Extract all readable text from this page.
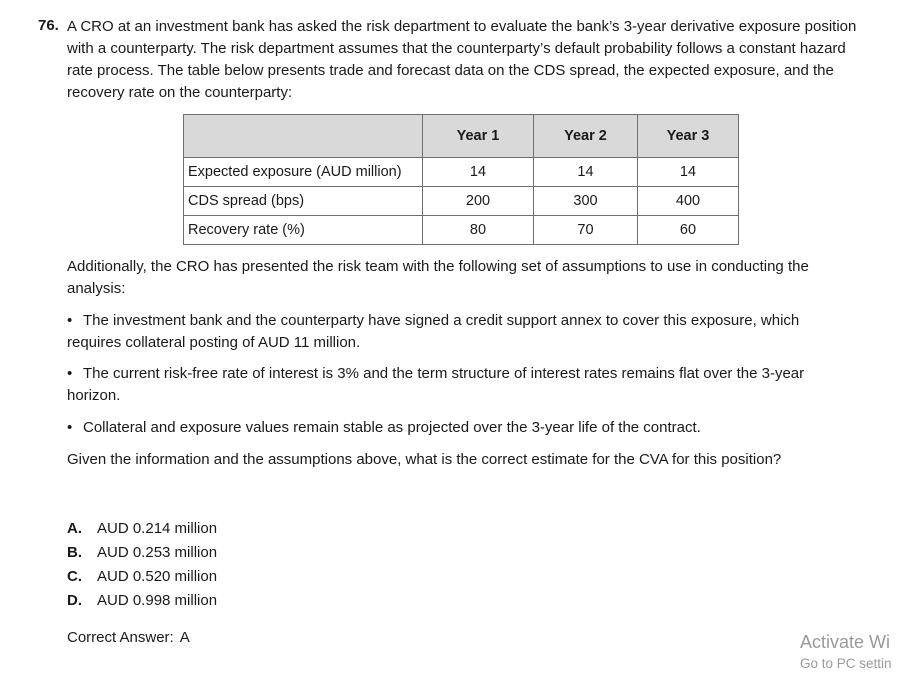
76. A CRO at an investment bank has asked the risk department to evaluate the bank’s 3-year derivative exposure position with a counterparty. The risk department assumes that the counterparty’s default probability follows a constant hazard rate process. The table below presents trade and forecast data on the CDS spread, the expected exposure, and the recovery rate on the counterparty:
	Year 1	Year 2	Year 3
Expected exposure (AUD million)	14	14	14
CDS spread (bps)	200	300	400
Recovery rate (%)	80	70	60
Additionally, the CRO has presented the risk team with the following set of assumptions to use in conducting the analysis:
• The investment bank and the counterparty have signed a credit support annex to cover this exposure, which requires collateral posting of AUD 11 million.
• The current risk-free rate of interest is 3% and the term structure of interest rates remains flat over the 3-year horizon.
• Collateral and exposure values remain stable as projected over the 3-year life of the contract.
Given the information and the assumptions above, what is the correct estimate for the CVA for this position?
A.	AUD 0.214 million
B.	AUD 0.253 million
C.	AUD 0.520 million
D.	AUD 0.998 million
Correct Answer: A	Activate Wi
Go to PC settin
